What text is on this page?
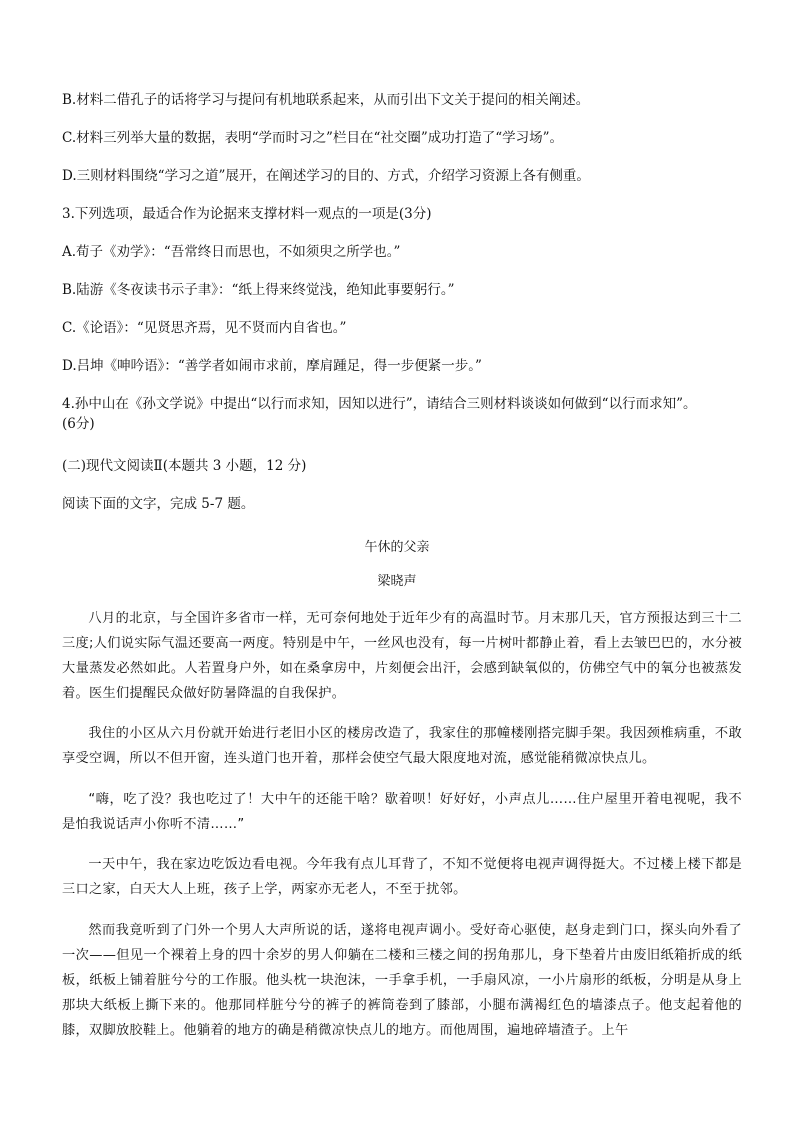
B.材料二借孔子的话将学习与提问有机地联系起来，从而引出下文关于提问的相关阐述。
C.材料三列举大量的数据，表明“学而时习之”栏目在“社交圈”成功打造了“学习场”。
D.三则材料围绕“学习之道”展开，在阐述学习的目的、方式，介绍学习资源上各有侧重。
3.下列选项，最适合作为论据来支撑材料一观点的一项是(3分)
A.荀子《劝学》：“吾常终日而思也，不如须臾之所学也。”
B.陆游《冬夜读书示子聿》：“纸上得来终觉浅，绝知此事要躬行。”
C.《论语》：“见贤思齐焉，见不贤而内自省也。”
D.吕坤《呻吟语》：“善学者如闹市求前，摩肩踵足，得一步便紧一步。”
4.孙中山在《孙文学说》中提出“以行而求知，因知以进行”，请结合三则材料谈谈如何做到“以行而求知”。
(6分)
(二)现代文阅读Ⅱ(本题共 3 小题，12 分)
阅读下面的文字，完成 5-7 题。
午休的父亲
梁晓声
八月的北京，与全国许多省市一样，无可奈何地处于近年少有的高温时节。月末那几天，官方预报达到三十二三度;人们说实际气温还要高一两度。特别是中午，一丝风也没有，每一片树叶都静止着，看上去皱巴巴的，水分被大量蒸发必然如此。人若置身户外，如在桑拿房中，片刻便会出汗，会感到缺氧似的，仿佛空气中的氧分也被蒸发着。医生们提醒民众做好防暑降温的自我保护。
我住的小区从六月份就开始进行老旧小区的楼房改造了，我家住的那幢楼刚搭完脚手架。我因颈椎病重，不敢享受空调，所以不但开窗，连头道门也开着，那样会使空气最大限度地对流，感觉能稍微凉快点儿。
“嗨，吃了没？我也吃过了！大中午的还能干啥？歇着呗！好好好，小声点儿……住户屋里开着电视呢，我不是怕我说话声小你听不清……”
一天中午，我在家边吃饭边看电视。今年我有点儿耳背了，不知不觉便将电视声调得挺大。不过楼上楼下都是三口之家，白天大人上班，孩子上学，两家亦无老人，不至于扰邻。
然而我竟听到了门外一个男人大声所说的话，遂将电视声调小。受好奇心驱使，赵身走到门口，探头向外看了一次——但见一个裸着上身的四十余岁的男人仰躺在二楼和三楼之间的拐角那儿，身下垫着片由废旧纸箱折成的纸板，纸板上铺着脏兮兮的工作服。他头枕一块泡沫，一手拿手机，一手扇风凉，一小片扇形的纸板，分明是从身上那块大纸板上撕下来的。他那同样脏兮兮的裤子的裤筒卷到了膝部，小腿布满褐红色的墙漆点子。他支起着他的膝，双脚放胶鞋上。他躺着的地方的确是稍微凉快点儿的地方。而他周围，遍地碎墙渣子。上午
